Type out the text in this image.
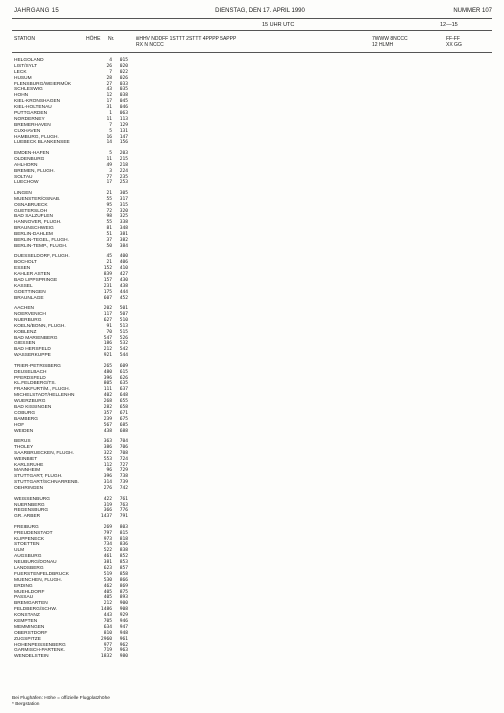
JAHRGANG 15	DIENSTAG, DEN 17. APRIL 1990	NUMMER 107
15 UHR UTC	12—15
STATION	HÖHE Nr.	iiiHHV NDDFF 1STTT 2STTT 4PPPP 5APPP
RX N NCCC
7WWW 8NCCC
12 HLMH
FF-FF
XX GG
HELGOLAND	4	015
LIST/SYLT	26	020
LECK	7	022
HUSUM	28	026
FLENSBURG/WEIERMÜK	27	033
SCHLESWIG	43	035
HOHN	12	038
KIEL-KRONSHAGEN	17	045
KIEL-HOLTENAU	31	046
PUTTGARDEN	1	063
NORDERNEY	11	113
BREMERHAVEN	7	129
CUXHAVEN	5	131
HAMBURG, FLUGH.	16	147
LUEBECK BLANKENSEE	14	156
EMDEN-HAFEN	5	203
OLDENBURG	11	215
AHLHORN	49	218
BREMEN, FLUGH.	3	224
SOLTAU	77	235
LUECHOW	17	253
LINGEN	21	305
MUENSTER/OSNAB.	55	317
OSNABRUECK	95	315
GUETERSLOH	72	320
BAD SALZUFLEN	98	325
HANNOVER, FLUGH.	55	338
BRAUNSCHWEIG	81	348
BERLIN-DAHLEM	51	381
BERLIN-TEGEL, FLUGH.	37	382
BERLIN-TEMP., FLUGH.	50	384
DUESSELDORF, FLUGH.	45	400
BOCHOLT	21	406
ESSEN	152	410
KAHLER ASTEN	839	427
BAD LIPPSPRINGE	157	430
KASSEL	231	438
GOETTINGEN	175	444
BRAUNLAGE	607	452
AACHEN	202	501
NOERVENICH	117	507
NUERBURG	627	510
KOELN/BONN, FLUGH.	91	513
KOBLENZ	70	515
BAD MARIENBERG	547	526
GIESSEN	186	532
BAD HERSFELD	212	542
WASSERKUPPE	921	544
TRIER-PETRISBERG	265	609
DEUSELBACH	480	615
PFERDSFELD	396	626
KL.FELDBERG/TS.	805	635
FRANKFURT/M., FLUGH.	111	637
MICHELSTADT/HELLENHN	402	648
WUERZBURG	268	655
BAD KISSINGEN	282	658
COBURG	357	671
BAMBERG	239	675
HOF	567	685
WEIDEN	438	688
BERUS	363	704
THOLEY	386	706
SAARBRUECKEN, FLUGH.	322	708
WEINBIET	553	724
KARLSRUHE	112	727
MANNHEIM	96	729
STUTTGART, FLUGH.	396	738
STUTTGART/SCHNARRENB.	314	739
OEHRINGEN	276	742
WEISSENBURG	422	761
NUERNBERG	319	763
REGENSBURG	366	776
GR. ARBER	1437	791
FREIBURG	269	803
FREUDENSTADT	797	815
KLIPPENECK	973	818
STOETTEN	734	836
ULM	522	838
AUGSBURG	461	852
NEUBURG/DONAU	381	853
LANDSBERG	623	857
FUERSTENFELDBRUCK	519	858
MUENCHEN, FLUGH.	530	866
ERDING	462	869
MUEHLDORF	405	875
PASSAU	405	893
BREMGARTEN	212	900
FELDBERG/SCHW.	1486	908
KONSTANZ	443	929
KEMPTEN	705	946
MEMMINGEN	634	947
OBERSTDORF	810	948
ZUGSPITZE	2960	961
HOHENPEISSENBERG	977	962
GARMISCH-PARTENK.	719	963
WENDELSTEIN	1832	980
Bei Flughäfen: Höhe = offizielle Flugplatzhöhe
* Bergstation
